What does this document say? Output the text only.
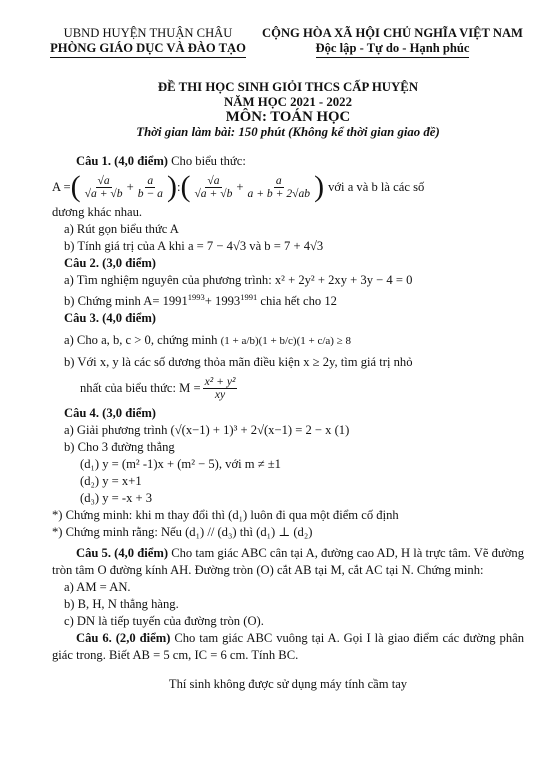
UBND HUYỆN THUẬN CHÂU
PHÒNG GIÁO DỤC VÀ ĐÀO TẠO
CỘNG HÒA XÃ HỘI CHỦ NGHĨA VIỆT NAM
Độc lập - Tự do - Hạnh phúc
ĐỀ THI HỌC SINH GIỎI THCS CẤP HUYỆN
NĂM HỌC 2021 - 2022
MÔN: TOÁN HỌC
Thời gian làm bài: 150 phút (Không kể thời gian giao đề)

Câu 1. (4,0 điểm) Cho biểu thức:

A = ( $\frac{√a}{√a + √b} + \frac{a}{b - a}$ ) : ( $\frac{√a}{√a + √b} + \frac{a}{a + b + 2√ab}$ ) với a và b là các số

dương khác nhau.

a) Rút gọn biểu thức A

b) Tính giá trị của A khi a = 7 − 4√3 và b = 7 + 4√3

Câu 2. (3,0 điểm)

a) Tìm nghiệm nguyên của phương trình: x² + 2y² + 2xy + 3y − 4 = 0

b) Chứng minh $A= 1991^{1993}+ 1993^{1991}$ chia hết cho 12

Câu 3. (4,0 điểm)

a) Cho a, b, c > 0, chứng minh (1 + a/b)(1 + b/c)(1 + c/a) ≥ 8

b) Với x, y là các số dương thỏa mãn điều kiện x ≥ 2y, tìm giá trị nhỏ

nhất của biểu thức: $M = \frac{\text{x² + y²}}{xy}$

Câu 4. (3,0 điểm)

a) Giải phương trình (√(x−1) + 1)³ + 2√(x−1) = 2 − x (1)

b) Cho 3 đường thẳng

(d₁) y = (m² -1)x + (m² − 5), với m ≠ ±1

(d₂) y = x+1

(d₃) y = -x + 3

*) Chứng minh: khi m thay đổi thì (d₁) luôn đi qua một điểm cố định

*) Chứng minh rằng: Nếu (d₁) // (d₃) thì (d₁) ⊥ (d₂)

Câu 5. (4,0 điểm) Cho tam giác ABC cân tại A, đường cao AD, H là trực tâm. Vẽ đường tròn tâm O đường kính AH. Đường tròn (O) cắt AB tại M, cắt AC tại N. Chứng minh:

a) AM = AN.

b) B, H, N thẳng hàng.

c) DN là tiếp tuyến của đường tròn (O).

Câu 6. (2,0 điểm) Cho tam giác ABC vuông tại A. Gọi I là giao điểm các đường phân giác trong. Biết AB = 5 cm, IC = 6 cm. Tính BC.

Thí sinh không được sử dụng máy tính cầm tay
